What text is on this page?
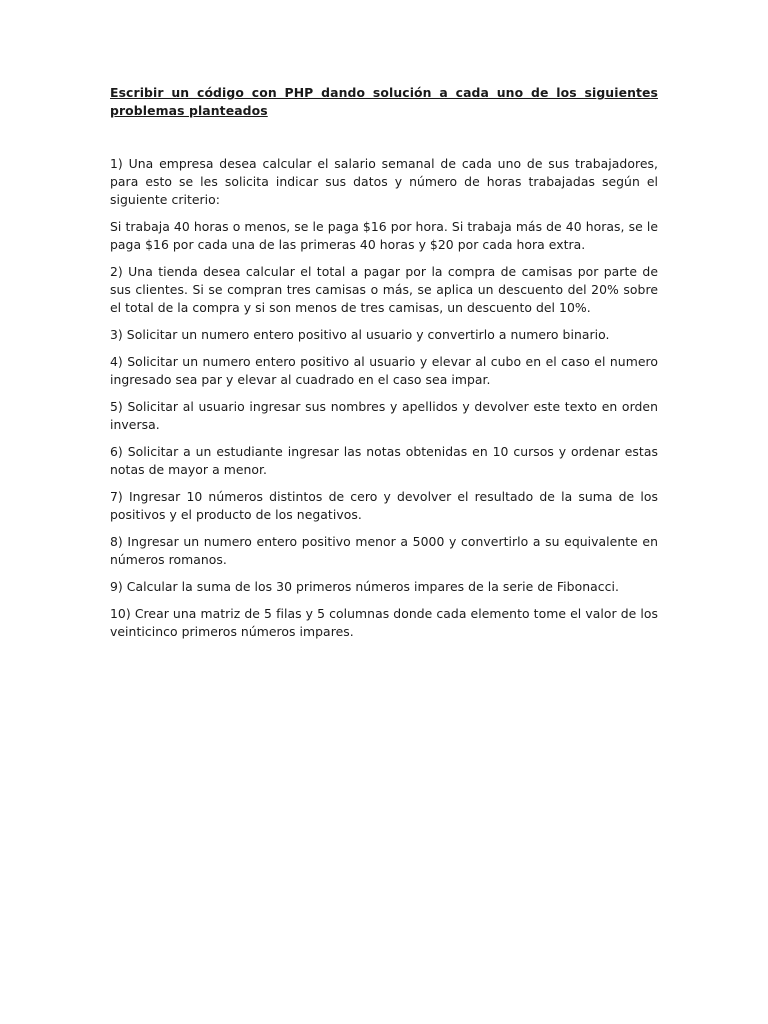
Escribir un código con PHP dando solución a cada uno de los siguientes problemas planteados

1) Una empresa desea calcular el salario semanal de cada uno de sus trabajadores, para esto se les solicita indicar sus datos y número de horas trabajadas según el siguiente criterio:

Si trabaja 40 horas o menos, se le paga $16 por hora. Si trabaja más de 40 horas, se le paga $16 por cada una de las primeras 40 horas y $20 por cada hora extra.

2) Una tienda desea calcular el total a pagar por la compra de camisas por parte de sus clientes. Si se compran tres camisas o más, se aplica un descuento del 20% sobre el total de la compra y si son menos de tres camisas, un descuento del 10%.

3) Solicitar un numero entero positivo al usuario y convertirlo a numero binario.

4) Solicitar un numero entero positivo al usuario y elevar al cubo en el caso el numero ingresado sea par y elevar al cuadrado en el caso sea impar.

5) Solicitar al usuario ingresar sus nombres y apellidos y devolver este texto en orden inversa.

6) Solicitar a un estudiante ingresar las notas obtenidas en 10 cursos y ordenar estas notas de mayor a menor.

7) Ingresar 10 números distintos de cero y devolver el resultado de la suma de los positivos y el producto de los negativos.

8) Ingresar un numero entero positivo menor a 5000 y convertirlo a su equivalente en números romanos.

9) Calcular la suma de los 30 primeros números impares de la serie de Fibonacci.

10) Crear una matriz de 5 filas y 5 columnas donde cada elemento tome el valor de los veinticinco primeros números impares.
